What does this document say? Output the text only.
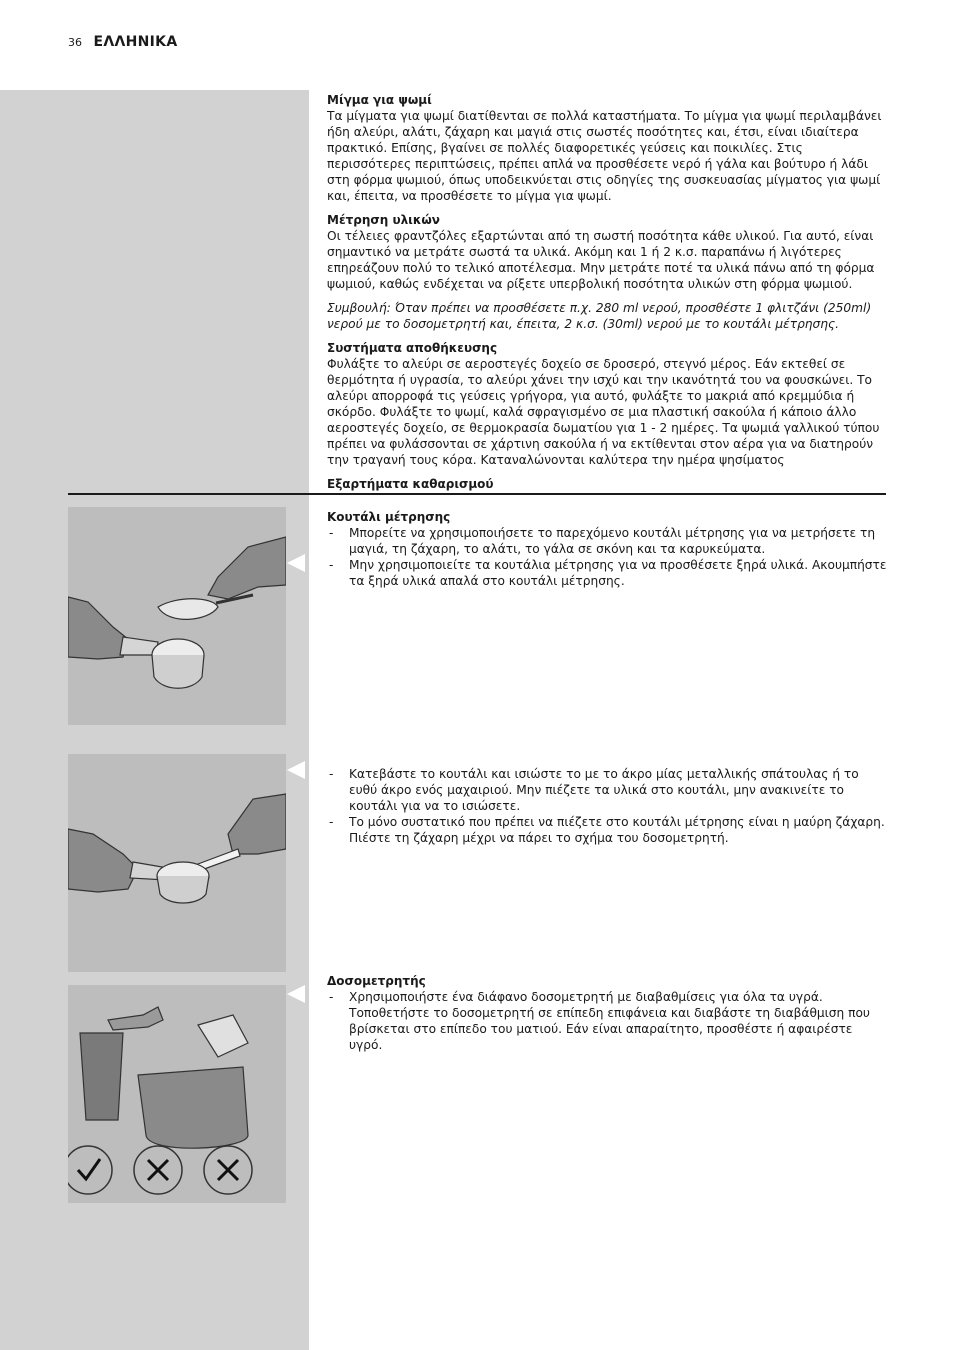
36 ΕΛΛΗΝΙΚΑ
Μίγμα για ψωμί

Τα μίγματα για ψωμί διατίθενται σε πολλά καταστήματα. Το μίγμα για ψωμί περιλαμβάνει ήδη αλεύρι, αλάτι, ζάχαρη και μαγιά στις σωστές ποσότητες και, έτσι, είναι ιδιαίτερα πρακτικό. Επίσης, βγαίνει σε πολλές διαφορετικές γεύσεις και ποικιλίες. Στις περισσότερες περιπτώσεις, πρέπει απλά να προσθέσετε νερό ή γάλα και βούτυρο ή λάδι στη φόρμα ψωμιού, όπως υποδεικνύεται στις οδηγίες της συσκευασίας μίγματος για ψωμί και, έπειτα, να προσθέσετε το μίγμα για ψωμί.

Μέτρηση υλικών

Οι τέλειες φραντζόλες εξαρτώνται από τη σωστή ποσότητα κάθε υλικού. Για αυτό, είναι σημαντικό να μετράτε σωστά τα υλικά. Ακόμη και 1 ή 2 κ.σ. παραπάνω ή λιγότερες επηρεάζουν πολύ το τελικό αποτέλεσμα. Μην μετράτε ποτέ τα υλικά πάνω από τη φόρμα ψωμιού, καθώς ενδέχεται να ρίξετε υπερβολική ποσότητα υλικών στη φόρμα ψωμιού.

Συμβουλή: Όταν πρέπει να προσθέσετε π.χ. 280 ml νερού, προσθέστε 1 φλιτζάνι (250ml) νερού με το δοσομετρητή και, έπειτα, 2 κ.σ. (30ml) νερού με το κουτάλι μέτρησης.

Συστήματα αποθήκευσης

Φυλάξτε το αλεύρι σε αεροστεγές δοχείο σε δροσερό, στεγνό μέρος. Εάν εκτεθεί σε θερμότητα ή υγρασία, το αλεύρι χάνει την ισχύ και την ικανότητά του να φουσκώνει. Το αλεύρι απορροφά τις γεύσεις γρήγορα, για αυτό, φυλάξτε το μακριά από κρεμμύδια ή σκόρδο. Φυλάξτε το ψωμί, καλά σφραγισμένο σε μια πλαστική σακούλα ή κάποιο άλλο αεροστεγές δοχείο, σε θερμοκρασία δωματίου για 1 - 2 ημέρες. Τα ψωμιά γαλλικού τύπου πρέπει να φυλάσσονται σε χάρτινη σακούλα ή να εκτίθενται στον αέρα για να διατηρούν την τραγανή τους κόρα. Καταναλώνονται καλύτερα την ημέρα ψησίματος

Εξαρτήματα καθαρισμού
Κουτάλι μέτρησης
- Μπορείτε να χρησιμοποιήσετε το παρεχόμενο κουτάλι μέτρησης για να μετρήσετε τη μαγιά, τη ζάχαρη, το αλάτι, το γάλα σε σκόνη και τα καρυκεύματα.
- Μην χρησιμοποιείτε τα κουτάλια μέτρησης για να προσθέσετε ξηρά υλικά. Ακουμπήστε τα ξηρά υλικά απαλά στο κουτάλι μέτρησης.
- Κατεβάστε το κουτάλι και ισιώστε το με το άκρο μίας μεταλλικής σπάτουλας ή το ευθύ άκρο ενός μαχαιριού. Μην πιέζετε τα υλικά στο κουτάλι, μην ανακινείτε το κουτάλι για να το ισιώσετε.
- Το μόνο συστατικό που πρέπει να πιέζετε στο κουτάλι μέτρησης είναι η μαύρη ζάχαρη. Πιέστε τη ζάχαρη μέχρι να πάρει το σχήμα του δοσομετρητή.
Δοσομετρητής
- Χρησιμοποιήστε ένα διάφανο δοσομετρητή με διαβαθμίσεις για όλα τα υγρά. Τοποθετήστε το δοσομετρητή σε επίπεδη επιφάνεια και διαβάστε τη διαβάθμιση που βρίσκεται στο επίπεδο του ματιού. Εάν είναι απαραίτητο, προσθέστε ή αφαιρέστε υγρό.
